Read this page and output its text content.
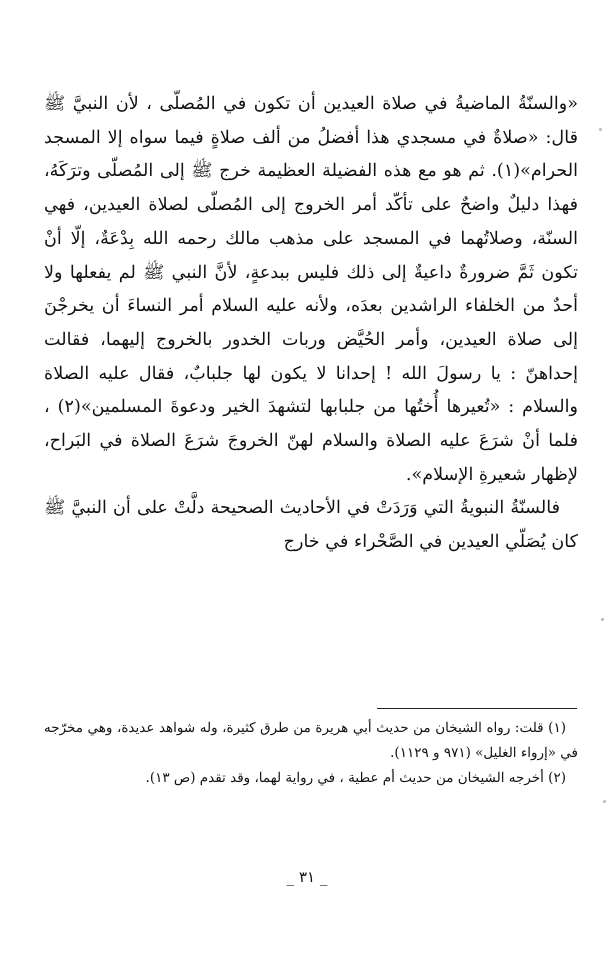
«والسنّةُ الماضيةُ في صلاة العيدين أن تكون في المُصلّى ، لأن النبيَّ ﷺ قال: «صلاةٌ في مسجدي هذا أفضلُ من ألف صلاةٍ فيما سواه إلا المسجد الحرام»(١). ثم هو مع هذه الفضيلة العظيمة خرج ﷺ إلى المُصلّى وترَكَهُ، فهذا دليلٌ واضحٌ على تأكّد أمر الخروج إلى المُصلّى لصلاة العيدين، فهي السنّة، وصلاتُهما في المسجد على مذهب مالك رحمه الله بِدْعَةٌ، إلّا أنْ تكون ثَمَّ ضرورةٌ داعيةٌ إلى ذلك فليس ببدعةٍ، لأنَّ النبي ﷺ لم يفعلها ولا أحدٌ من الخلفاء الراشدين بعدَه، ولأنه عليه السلام أمر النساءَ أن يخرجْنَ إلى صلاة العيدين، وأمر الحُيَّض وربات الخدور بالخروج إليهما، فقالت إحداهنّ : يا رسولَ الله ! إحدانا لا يكون لها جلبابٌ، فقال عليه الصلاة والسلام : «تُعيرها أُختُها من جلبابها لتشهدَ الخير ودعوةَ المسلمين»(٢) ، فلما أنْ شرَعَ عليه الصلاة والسلام لهنّ الخروجَ شرَعَ الصلاة في البَراح، لإظهار شعيرةِ الإسلام».

فالسنّةُ النبويةُ التي وَرَدَتْ في الأحاديث الصحيحة دلَّتْ على أن النبيَّ ﷺ كان يُصَلّي العيدين في الصَّحْراء في خارج

(١) قلت: رواه الشيخان من حديث أبي هريرة من طرق كثيرة، وله شواهد عديدة، وهي مخرّجه في «إرواء الغليل» (٩٧١ و ١١٢٩).

(٢) أخرجه الشيخان من حديث أم عطية ، في رواية لهما، وقد تقدم (ص ١٣).

_ ٣١ _
